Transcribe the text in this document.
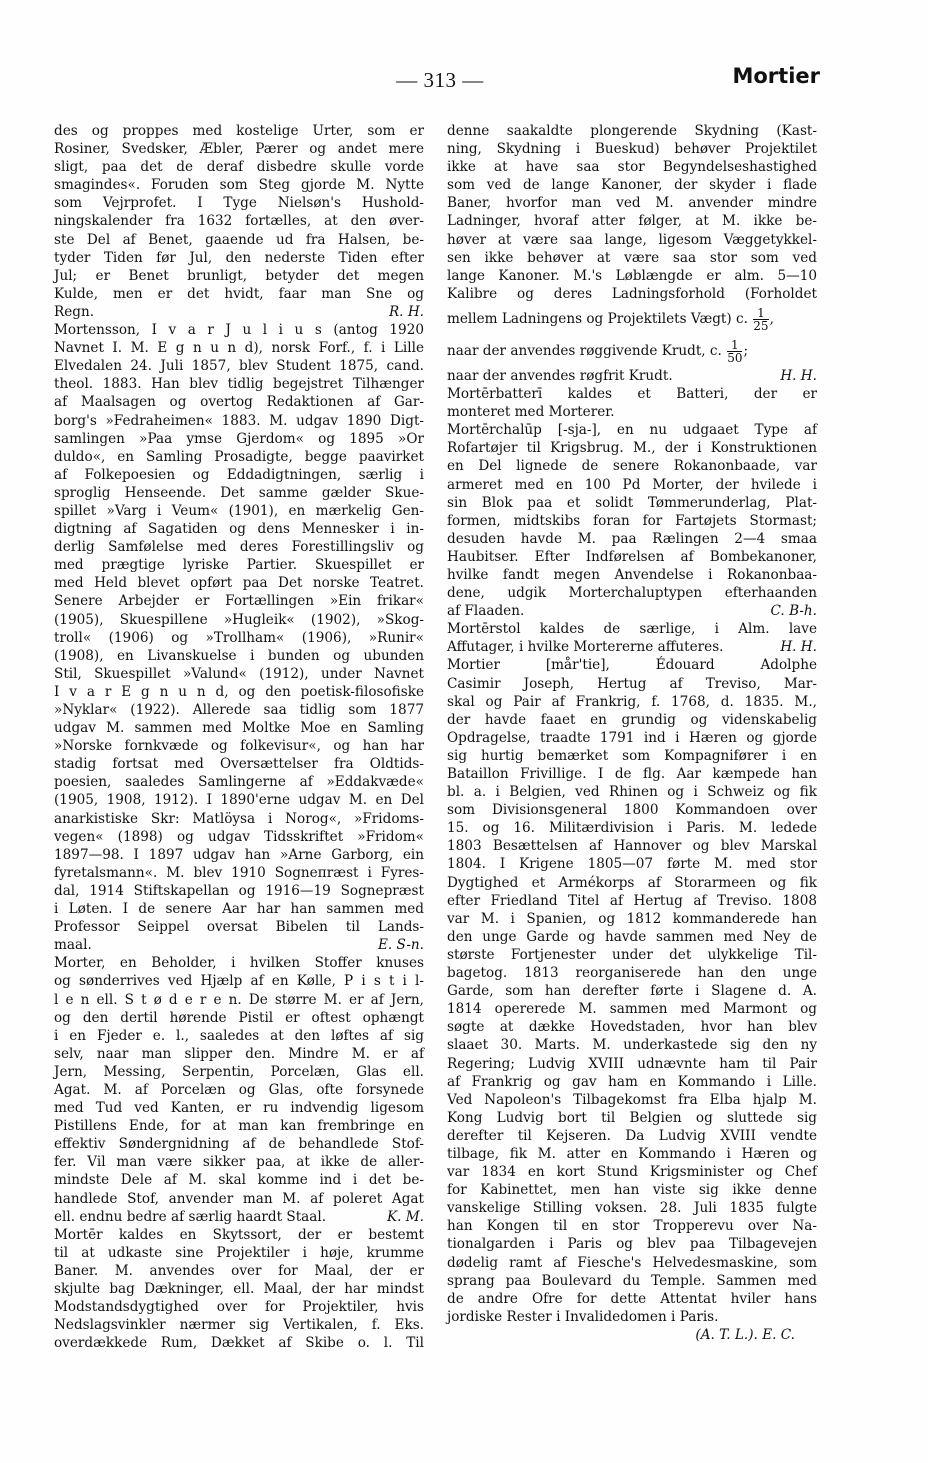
— 313 —	Mortier
des og proppes med kostelige Urter, som er
Rosiner, Svedsker, Æbler, Pærer og andet mere
sligt, paa det de deraf disbedre skulle vorde
smagindes«. Foruden som Steg gjorde M. Nytte
som Vejrprofet. I Tyge Nielsøn's Hushold-
ningskalender fra 1632 fortælles, at den øver-
ste Del af Benet, gaaende ud fra Halsen, be-
tyder Tiden før Jul, den nederste Tiden efter
Jul; er Benet brunligt, betyder det megen
Kulde, men er det hvidt, faar man Sne og
Regn.	R. H.
Mortensson, I v a r J u l i u s (antog 1920
Navnet I. M. E g n u n d), norsk Forf., f. i Lille
Elvedalen 24. Juli 1857, blev Student 1875, cand.
theol. 1883. Han blev tidlig begejstret Tilhænger
af Maalsagen og overtog Redaktionen af Gar-
borg's »Fedraheimen« 1883. M. udgav 1890 Digt-
samlingen »Paa ymse Gjerdom« og 1895 »Or
duldo«, en Samling Prosadigte, begge paavirket
af Folkepoesien og Eddadigtningen, særlig i
sproglig Henseende. Det samme gælder Skue-
spillet »Varg i Veum« (1901), en mærkelig Gen-
digtning af Sagatiden og dens Mennesker i in-
derlig Samfølelse med deres Forestillingsliv og
med prægtige lyriske Partier. Skuespillet er
med Held blevet opført paa Det norske Teatret.
Senere Arbejder er Fortællingen »Ein frikar«
(1905), Skuespillene »Hugleik« (1902), »Skog-
troll« (1906) og »Trollham« (1906), »Runir«
(1908), en Livanskuelse i bunden og ubunden
Stil, Skuespillet »Valund« (1912), under Navnet
I v a r E g n u n d, og den poetisk-filosofiske
»Nyklar« (1922). Allerede saa tidlig som 1877
udgav M. sammen med Moltke Moe en Samling
»Norske fornkvæde og folkevisur«, og han har
stadig fortsat med Oversættelser fra Oldtids-
poesien, saaledes Samlingerne af »Eddakvæde«
(1905, 1908, 1912). I 1890'erne udgav M. en Del
anarkistiske Skr: Matlöysa i Norog«, »Fridoms-
vegen« (1898) og udgav Tidsskriftet »Fridom«
1897—98. I 1897 udgav han »Arne Garborg, ein
fyretalsmann«. M. blev 1910 Sogneпræst i Fyres-
dal, 1914 Stiftskapellan og 1916—19 Sognepræst
i Løten. I de senere Aar har han sammen med
Professor Seippel oversat Bibelen til Lands-
maal.	E. S-n.
Morter, en Beholder, i hvilken Stoffer knuses
og sønderrives ved Hjælp af en Kølle, P i s t i l-
l e n ell. S t ø d e r e n. De større M. er af Jern,
og den dertil hørende Pistil er oftest ophængt
i en Fjeder e. l., saaledes at den løftes af sig
selv, naar man slipper den. Mindre M. er af
Jern, Messing, Serpentin, Porcelæn, Glas ell.
Agat. M. af Porcelæn og Glas, ofte forsynede
med Tud ved Kanten, er ru indvendig ligesom
Pistillens Ende, for at man kan frembringe en
effektiv Søndergnidning af de behandlede Stof-
fer. Vil man være sikker paa, at ikke de aller-
mindste Dele af M. skal komme ind i det be-
handlede Stof, anvender man M. af poleret Agat
ell. endnu bedre af særlig haardt Staal.	K. M.
Mortēr kaldes en Skytssort, der er bestemt
til at udkaste sine Projektiler i høje, krumme
Baner. M. anvendes over for Maal, der er
skjulte bag Dækninger, ell. Maal, der har mindst
Modstandsdygtighed over for Projektiler, hvis
Nedslagsvinkler nærmer sig Vertikalen, f. Eks.
overdækkede Rum, Dækket af Skibe o. l. Til
denne saakaldte plongerende Skydning (Kast-
ning, Skydning i Bueskud) behøver Projektilet
ikke at have saa stor Begyndelseshastighed
som ved de lange Kanoner, der skyder i flade
Baner, hvorfor man ved M. anvender mindre
Ladninger, hvoraf atter følger, at M. ikke be-
høver at være saa lange, ligesom Væggetykkel-
sen ikke behøver at være saa stor som ved
lange Kanoner. M.'s Løblængde er alm. 5—10
Kalibre og deres Ladningsforhold (Forholdet
mellem Ladningens og Projektilets Vægt) c. $\frac{1}{25}$ ,
naar der anvendes røggivende Krudt, c. $\frac{1}{50}$ ;
naar der anvendes røgfrit Krudt.	H. H.
Mortērbatterī kaldes et Batteri, der er
monteret med Morterer.
Mortērchalūp [-sja-], en nu udgaaet Type af
Rofartøjer til Krigsbrug. M., der i Konstruktionen
en Del lignede de senere Rokanonbaade, var
armeret med en 100 Pd Morter, der hvilede i
sin Blok paa et solidt Tømmerunderlag, Plat-
formen, midtskibs foran for Fartøjets Stormast;
desuden havde M. paa Rælingen 2—4 smaa
Haubitser. Efter Indførelsen af Bombekanoner,
hvilke fandt megen Anvendelse i Rokanonbaa-
dene, udgik Morterchaluptypen efterhaanden
af Flaaden.	C. B-h.
Mortērstol kaldes de særlige, i Alm. lave
Affutager, i hvilke Mortererne affuteres.	H. H.
Mortier [mår'tie], Édouard Adolphe
Casimir Joseph, Hertug af Treviso, Mar-
skal og Pair af Frankrig, f. 1768, d. 1835. M.,
der havde faaet en grundig og videnskabelig
Opdragelse, traadte 1791 ind i Hæren og gjorde
sig hurtig bemærket som Kompagnifører i en
Bataillon Frivillige. I de flg. Aar kæmpede han
bl. a. i Belgien, ved Rhinen og i Schweiz og fik
som Divisionsgeneral 1800 Kommandoen over
15. og 16. Militærdivision i Paris. M. ledede
1803 Besættelsen af Hannover og blev Marskal
1804. I Krigene 1805—07 førte M. med stor
Dygtighed et Armékorps af Storarmeen og fik
efter Friedland Titel af Hertug af Treviso. 1808
var M. i Spanien, og 1812 kommanderede han
den unge Garde og havde sammen med Ney de
største Fortjenester under det ulykkelige Til-
bagetog. 1813 reorganiserede han den unge
Garde, som han derefter førte i Slagene d. A.
1814 opererede M. sammen med Marmont og
søgte at dække Hovedstaden, hvor han blev
slaaet 30. Marts. M. underkastede sig den ny
Regering; Ludvig XVIII udnævnte ham til Pair
af Frankrig og gav ham en Kommando i Lille.
Ved Napoleon's Tilbagekomst fra Elba hjalp M.
Kong Ludvig bort til Belgien og sluttede sig
derefter til Kejseren. Da Ludvig XVIII vendte
tilbage, fik M. atter en Kommando i Hæren og
var 1834 en kort Stund Krigsminister og Chef
for Kabinettet, men han viste sig ikke denne
vanskelige Stilling voksen. 28. Juli 1835 fulgte
han Kongen til en stor Tropperevu over Na-
tionalgarden i Paris og blev paa Tilbagevejen
dødelig ramt af Fiesche's Helvedesmaskine, som
sprang paa Boulevard du Temple. Sammen med
de andre Ofre for dette Attentat hviler hans
jordiske Rester i Invalidedomen i Paris.
(A. T. L.). E. C.
